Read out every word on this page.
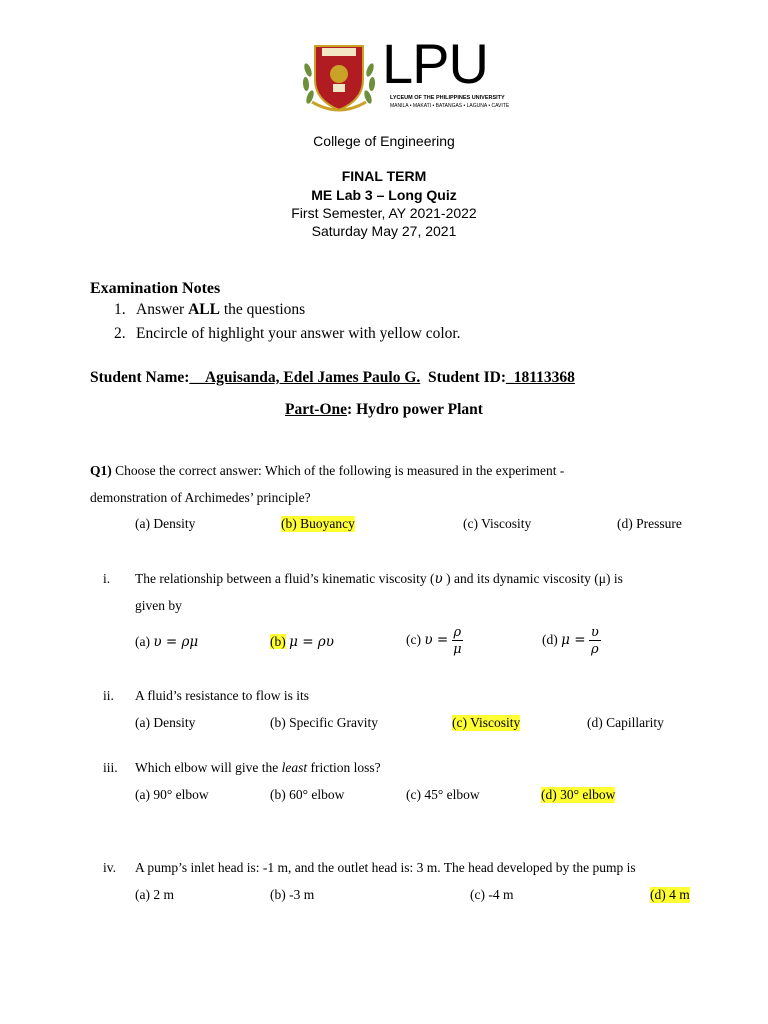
LPU
LYCEUM OF THE PHILIPPINES UNIVERSITY
MANILA • MAKATI • BATANGAS • LAGUNA • CAVITE
College of Engineering
FINAL TERM
ME Lab 3 – Long Quiz
First Semester, AY 2021-2022
Saturday May 27, 2021
Examination Notes
1. Answer ALL the questions
2. Encircle of highlight your answer with yellow color.
Student Name:__Aguisanda, Edel James Paulo G. Student ID:_18113368
Part-One: Hydro power Plant
Q1) Choose the correct answer: Which of the following is measured in the experiment -
demonstration of Archimedes’ principle?
(a) Density	(b) Buoyancy	(c) Viscosity	(d) Pressure
i. The relationship between a fluid’s kinematic viscosity (υ ) and its dynamic viscosity (μ) is
given by
(a) υ = ρμ	(b) μ = ρυ	(c) $\upsilon = \frac{\rho}{\mu}$	(d) $\mu = \frac{\upsilon}{\rho}$
ii. A fluid’s resistance to flow is its
(a) Density	(b) Specific Gravity	(c) Viscosity	(d) Capillarity
iii. Which elbow will give the least friction loss?
(a) 90° elbow	(b) 60° elbow	(c) 45° elbow	(d) 30° elbow
iv. A pump’s inlet head is: -1 m, and the outlet head is: 3 m. The head developed by the pump is
(a) 2 m	(b) -3 m	(c) -4 m	(d) 4 m
